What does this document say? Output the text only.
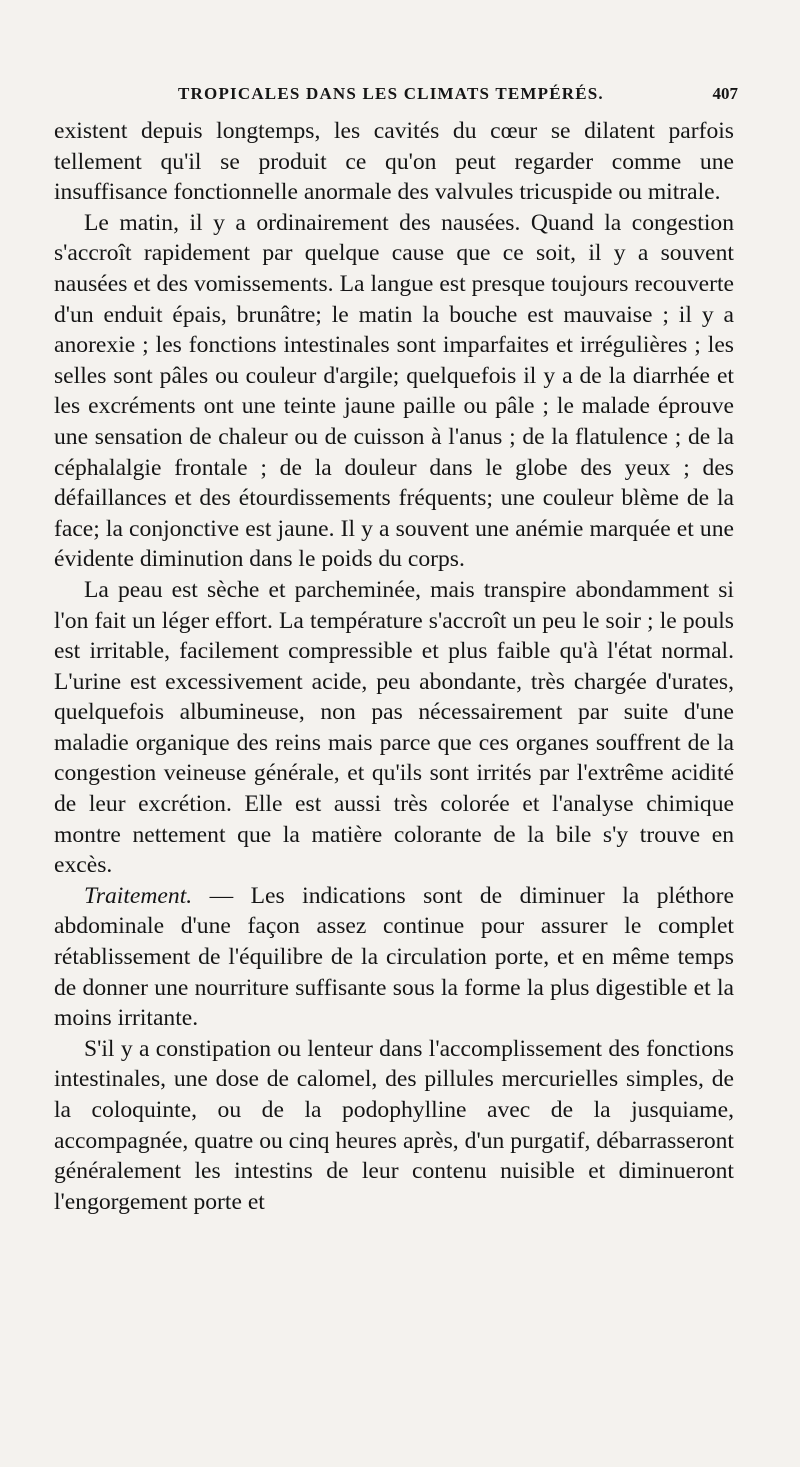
TROPICALES DANS LES CLIMATS TEMPÉRÉS.	407

existent depuis longtemps, les cavités du cœur se dilatent parfois tellement qu'il se produit ce qu'on peut regarder comme une insuffisance fonctionnelle anormale des valvules tricuspide ou mitrale.

Le matin, il y a ordinairement des nausées. Quand la congestion s'accroît rapidement par quelque cause que ce soit, il y a souvent nausées et des vomissements. La langue est presque toujours recouverte d'un enduit épais, brunâtre; le matin la bouche est mauvaise ; il y a anorexie ; les fonctions intestinales sont imparfaites et irrégulières ; les selles sont pâles ou couleur d'argile; quelquefois il y a de la diarrhée et les excréments ont une teinte jaune paille ou pâle ; le malade éprouve une sensation de chaleur ou de cuisson à l'anus ; de la flatulence ; de la céphalalgie frontale ; de la douleur dans le globe des yeux ; des défaillances et des étourdissements fréquents; une couleur blème de la face; la conjonctive est jaune. Il y a souvent une anémie marquée et une évidente diminution dans le poids du corps.

La peau est sèche et parcheminée, mais transpire abondamment si l'on fait un léger effort. La température s'accroît un peu le soir ; le pouls est irritable, facilement compressible et plus faible qu'à l'état normal. L'urine est excessivement acide, peu abondante, très chargée d'urates, quelquefois albumineuse, non pas nécessairement par suite d'une maladie organique des reins mais parce que ces organes souffrent de la congestion veineuse générale, et qu'ils sont irrités par l'extrême acidité de leur excrétion. Elle est aussi très colorée et l'analyse chimique montre nettement que la matière colorante de la bile s'y trouve en excès.

Traitement. — Les indications sont de diminuer la pléthore abdominale d'une façon assez continue pour assurer le complet rétablissement de l'équilibre de la circulation porte, et en même temps de donner une nourriture suffisante sous la forme la plus digestible et la moins irritante.

S'il y a constipation ou lenteur dans l'accomplissement des fonctions intestinales, une dose de calomel, des pillules mercurielles simples, de la coloquinte, ou de la podophylline avec de la jusquiame, accompagnée, quatre ou cinq heures après, d'un purgatif, débarrasseront généralement les intestins de leur contenu nuisible et diminueront l'engorgement porte et
